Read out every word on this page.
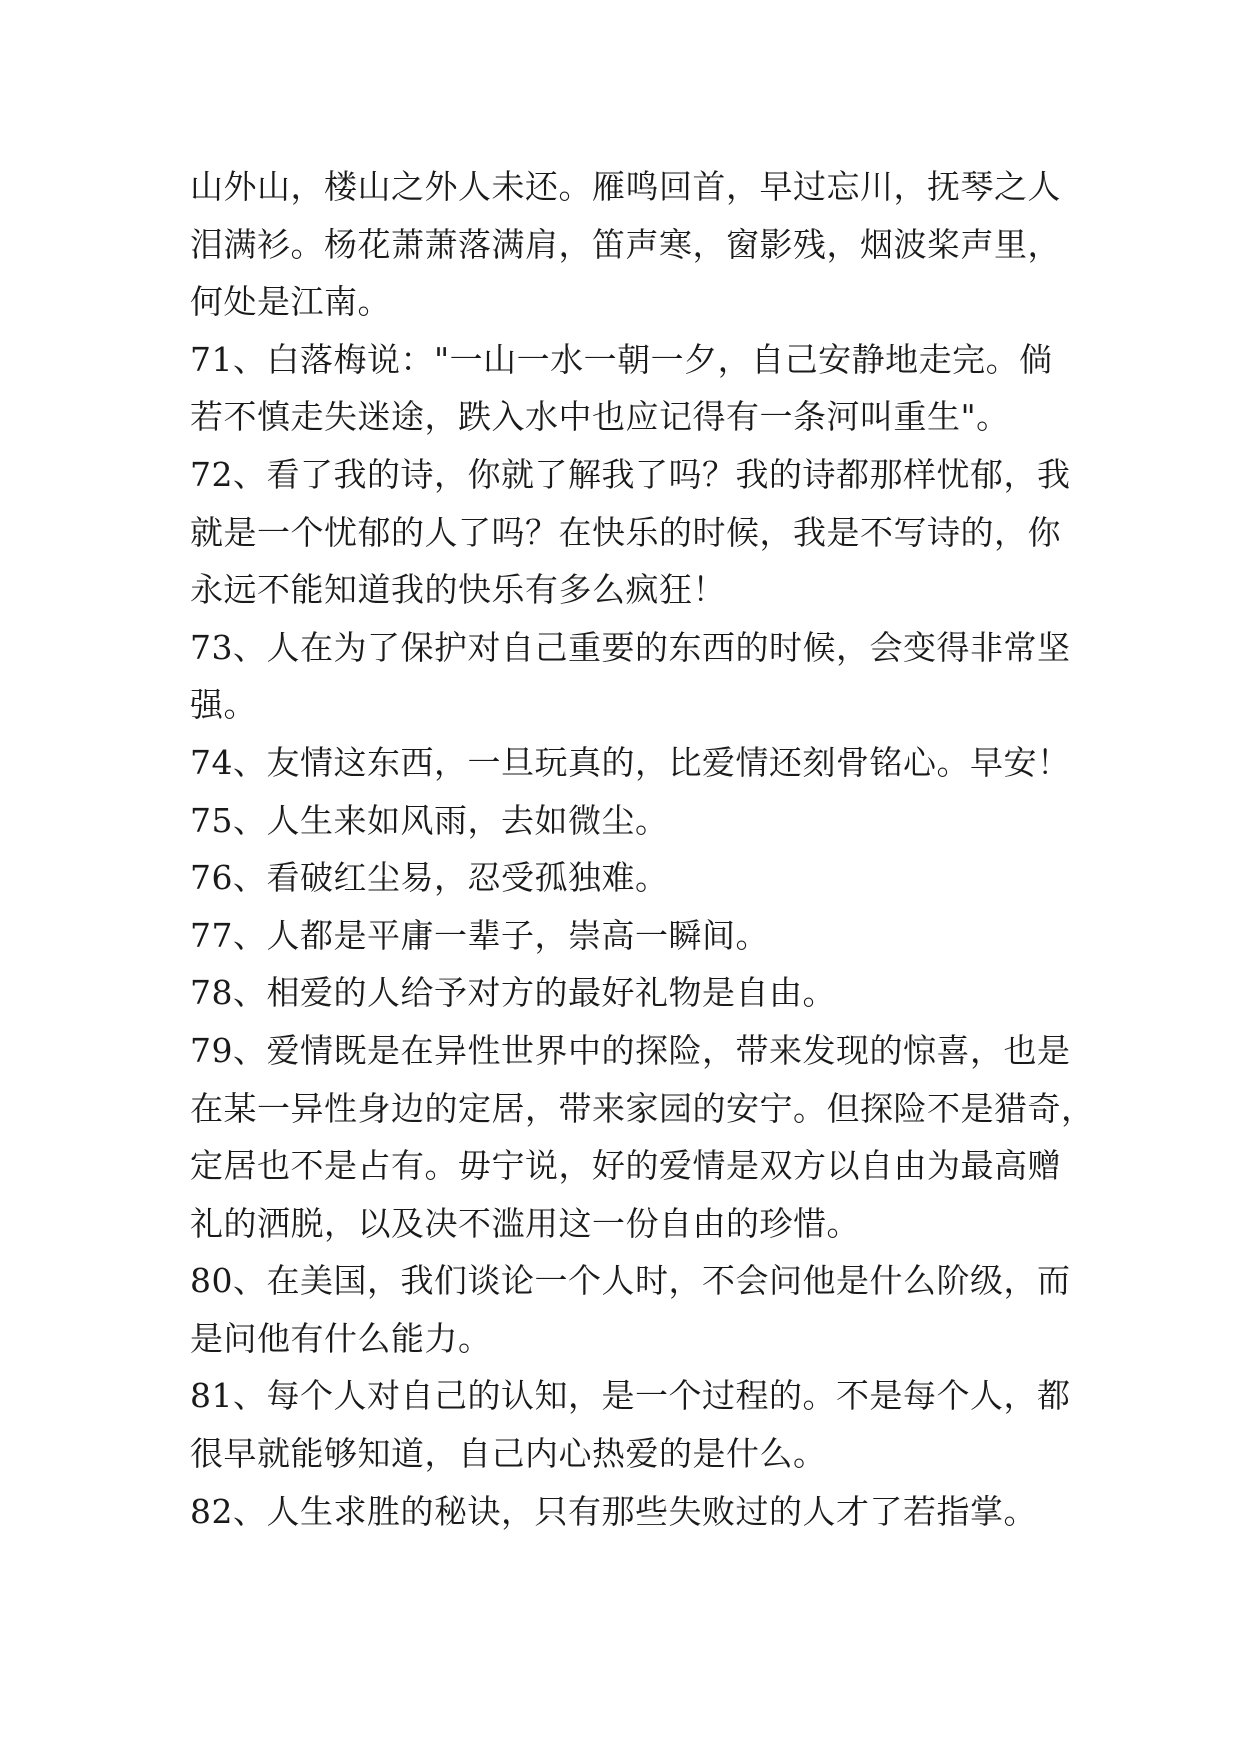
山外山，楼山之外人未还。雁鸣回首，早过忘川，抚琴之人
泪满衫。杨花萧萧落满肩，笛声寒，窗影残，烟波桨声里，
何处是江南。
71、白落梅说："一山一水一朝一夕，自己安静地走完。倘
若不慎走失迷途，跌入水中也应记得有一条河叫重生"。
72、看了我的诗，你就了解我了吗？我的诗都那样忧郁，我
就是一个忧郁的人了吗？在快乐的时候，我是不写诗的，你
永远不能知道我的快乐有多么疯狂！
73、人在为了保护对自己重要的东西的时候，会变得非常坚
强。
74、友情这东西，一旦玩真的，比爱情还刻骨铭心。早安！
75、人生来如风雨，去如微尘。
76、看破红尘易，忍受孤独难。
77、人都是平庸一辈子，崇高一瞬间。
78、相爱的人给予对方的最好礼物是自由。
79、爱情既是在异性世界中的探险，带来发现的惊喜，也是
在某一异性身边的定居，带来家园的安宁。但探险不是猎奇，
定居也不是占有。毋宁说，好的爱情是双方以自由为最高赠
礼的洒脱，以及决不滥用这一份自由的珍惜。
80、在美国，我们谈论一个人时，不会问他是什么阶级，而
是问他有什么能力。
81、每个人对自己的认知，是一个过程的。不是每个人，都
很早就能够知道，自己内心热爱的是什么。
82、人生求胜的秘诀，只有那些失败过的人才了若指掌。
